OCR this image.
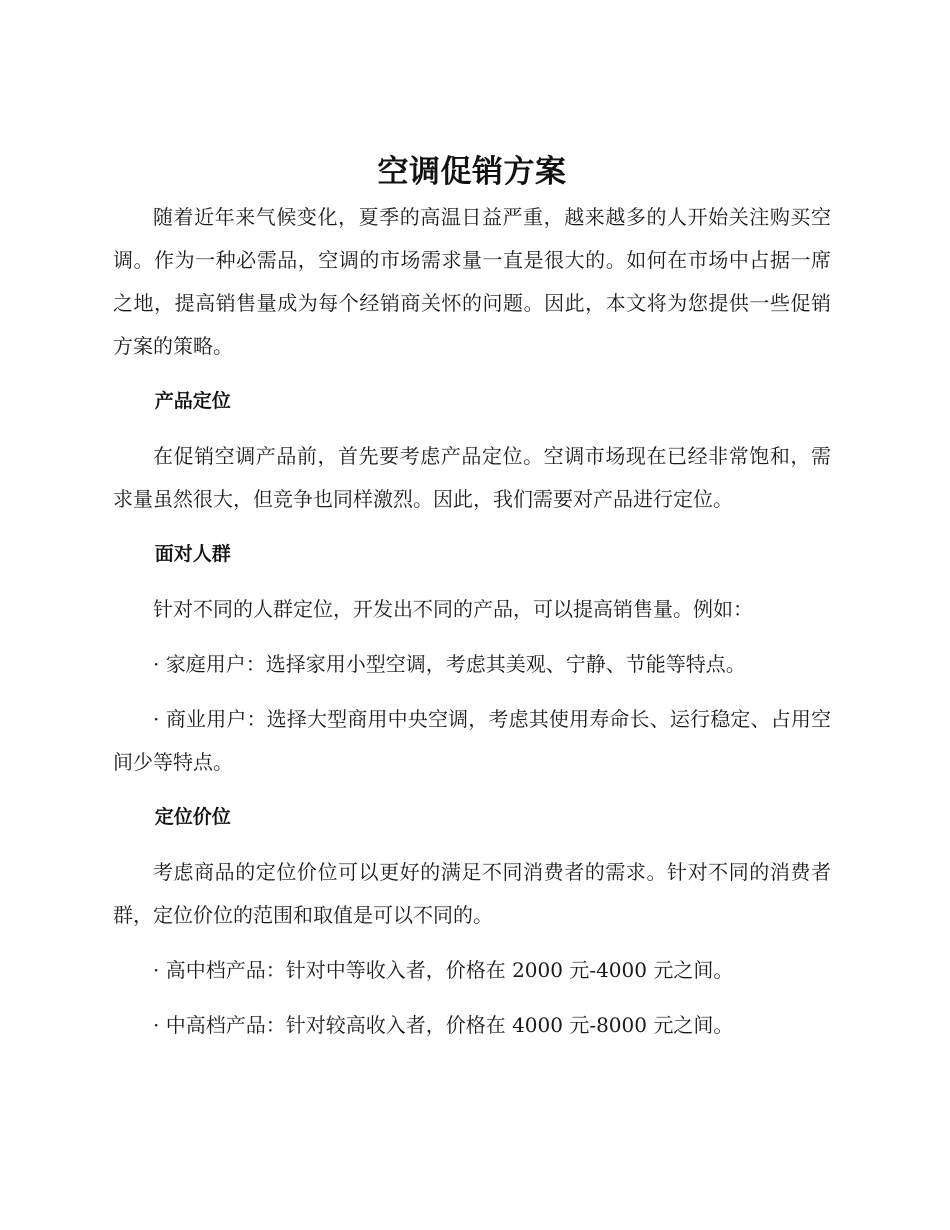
空调促销方案

随着近年来气候变化，夏季的高温日益严重，越来越多的人开始关注购买空调。作为一种必需品，空调的市场需求量一直是很大的。如何在市场中占据一席之地，提高销售量成为每个经销商关怀的问题。因此，本文将为您提供一些促销方案的策略。

产品定位

在促销空调产品前，首先要考虑产品定位。空调市场现在已经非常饱和，需求量虽然很大，但竞争也同样激烈。因此，我们需要对产品进行定位。

面对人群

针对不同的人群定位，开发出不同的产品，可以提高销售量。例如：

· 家庭用户：选择家用小型空调，考虑其美观、宁静、节能等特点。

· 商业用户：选择大型商用中央空调，考虑其使用寿命长、运行稳定、占用空间少等特点。

定位价位

考虑商品的定位价位可以更好的满足不同消费者的需求。针对不同的消费者群，定位价位的范围和取值是可以不同的。

· 高中档产品：针对中等收入者，价格在 2000 元-4000 元之间。

· 中高档产品：针对较高收入者，价格在 4000 元-8000 元之间。
